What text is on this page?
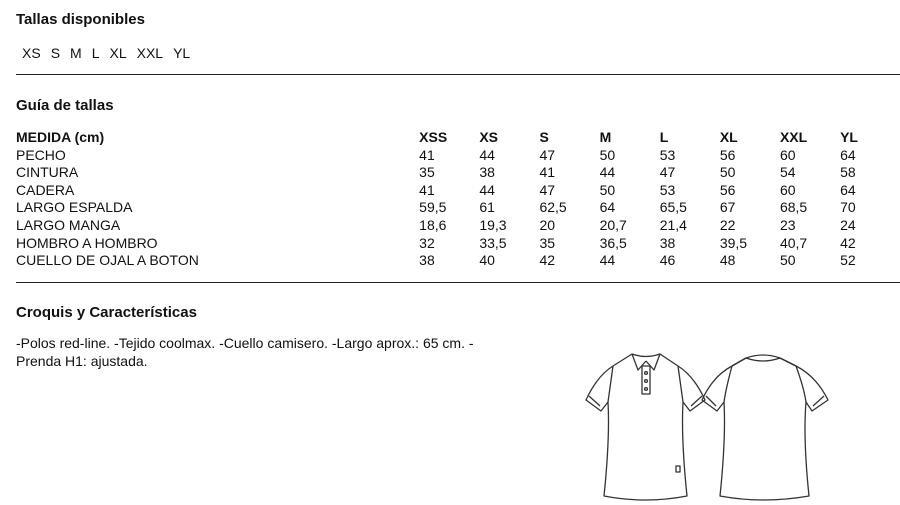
Tallas disponibles
XS S M L XL XXL YL
Guía de tallas
MEDIDA (cm)	XSS	XS	S	M	L	XL	XXL	YL
PECHO	41	44	47	50	53	56	60	64
CINTURA	35	38	41	44	47	50	54	58
CADERA	41	44	47	50	53	56	60	64
LARGO ESPALDA	59,5	61	62,5	64	65,5	67	68,5	70
LARGO MANGA	18,6	19,3	20	20,7	21,4	22	23	24
HOMBRO A HOMBRO	32	33,5	35	36,5	38	39,5	40,7	42
CUELLO DE OJAL A BOTON	38	40	42	44	46	48	50	52
Croquis y Características
-Polos red-line. -Tejido coolmax. -Cuello camisero. -Largo aprox.: 65 cm. - Prenda H1: ajustada.
